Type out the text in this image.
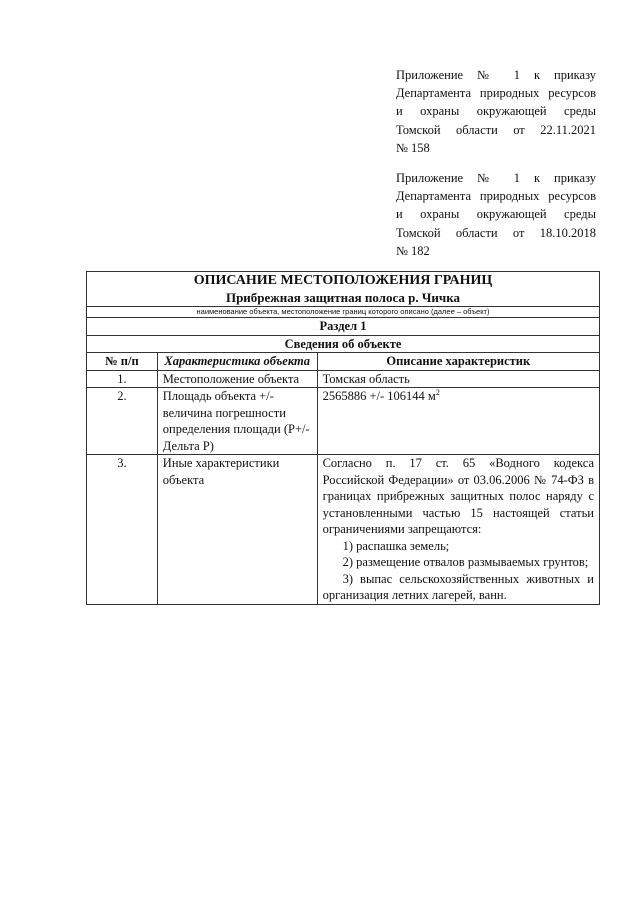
Приложение № 1 к приказу
Департамента природных ресурсов
и охраны окружающей среды
Томской области от 22.11.2021
№ 158
Приложение № 1 к приказу
Департамента природных ресурсов
и охраны окружающей среды
Томской области от 18.10.2018
№ 182
ОПИСАНИЕ МЕСТОПОЛОЖЕНИЯ ГРАНИЦ
Прибрежная защитная полоса р. Чичка		

наименование объекта, местоположение границ которого описано (далее – объект)		
Раздел 1		
Сведения об объекте		
№ п/п	Характеристика объекта	Описание характеристик
1.	Местоположение объекта	Томская область
2.	Площадь объекта +/- величина погрешности определения площади (Р+/- Дельта Р)	2565886 +/- 106144 $м^2$
3.	Иные характеристики объекта	Согласно п. 17 ст. 65 «Водного кодекса Российской Федерации» от 03.06.2006 № 74-ФЗ в границах прибрежных защитных полос наряду с установленными частью 15 настоящей статьи ограничениями запрещаются:
1) распашка земель;
2) размещение отвалов размываемых грунтов;
3) выпас сельскохозяйственных животных и организация летних лагерей, ванн.
